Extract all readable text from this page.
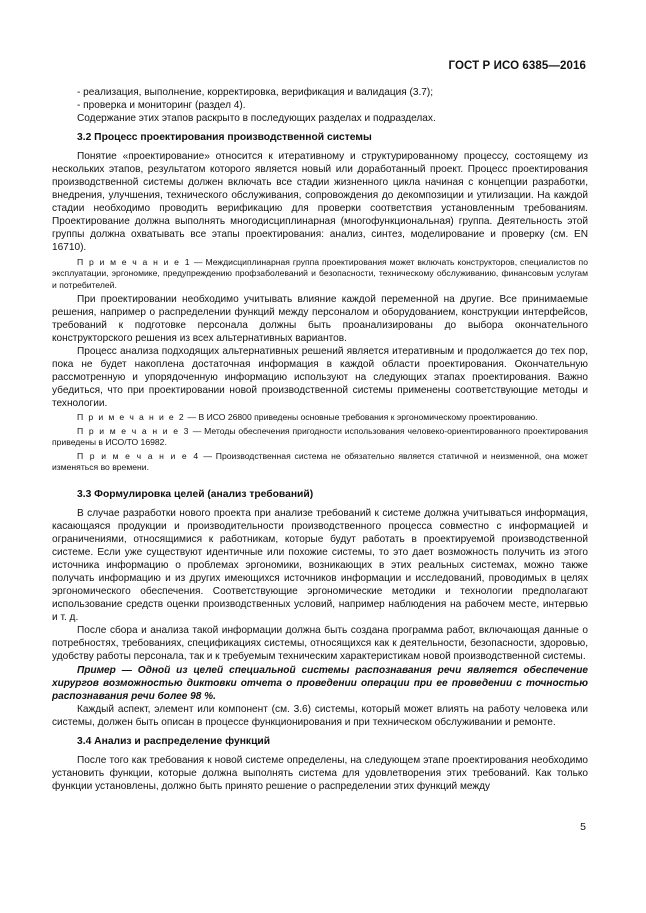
ГОСТ Р ИСО 6385—2016

- реализация, выполнение, корректировка, верификация и валидация (3.7);

- проверка и мониторинг (раздел 4).

Содержание этих этапов раскрыто в последующих разделах и подразделах.

3.2 Процесс проектирования производственной системы

Понятие «проектирование» относится к итеративному и структурированному процессу, состоящему из нескольких этапов, результатом которого является новый или доработанный проект. Процесс проектирования производственной системы должен включать все стадии жизненного цикла начиная с концепции разработки, внедрения, улучшения, технического обслуживания, сопровождения до декомпозиции и утилизации. На каждой стадии необходимо проводить верификацию для проверки соответствия установленным требованиям. Проектирование должна выполнять многодисциплинарная (многофункциональная) группа. Деятельность этой группы должна охватывать все этапы проектирования: анализ, синтез, моделирование и проверку (см. EN 16710).

П р и м е ч а н и е 1 — Междисциплинарная группа проектирования может включать конструкторов, специалистов по эксплуатации, эргономике, предупреждению профзаболеваний и безопасности, техническому обслуживанию, финансовым услугам и потребителей.

При проектировании необходимо учитывать влияние каждой переменной на другие. Все принимаемые решения, например о распределении функций между персоналом и оборудованием, конструкции интерфейсов, требований к подготовке персонала должны быть проанализированы до выбора окончательного конструкторского решения из всех альтернативных вариантов.

Процесс анализа подходящих альтернативных решений является итеративным и продолжается до тех пор, пока не будет накоплена достаточная информация в каждой области проектирования. Окончательную рассмотренную и упорядоченную информацию используют на следующих этапах проектирования. Важно убедиться, что при проектировании новой производственной системы применены соответствующие методы и технологии.

П р и м е ч а н и е 2 — В ИСО 26800 приведены основные требования к эргономическому проектированию.

П р и м е ч а н и е 3 — Методы обеспечения пригодности использования человеко-ориентированного проектирования приведены в ИСО/ТО 16982.

П р и м е ч а н и е 4 — Производственная система не обязательно является статичной и неизменной, она может изменяться во времени.

3.3 Формулировка целей (анализ требований)

В случае разработки нового проекта при анализе требований к системе должна учитываться информация, касающаяся продукции и производительности производственного процесса совместно с информацией и ограничениями, относящимися к работникам, которые будут работать в проектируемой производственной системе. Если уже существуют идентичные или похожие системы, то это дает возможность получить из этого источника информацию о проблемах эргономики, возникающих в этих реальных системах, можно также получать информацию и из других имеющихся источников информации и исследований, проводимых в целях эргономического обеспечения. Соответствующие эргономические методики и технологии предполагают использование средств оценки производственных условий, например наблюдения на рабочем месте, интервью и т. д.

После сбора и анализа такой информации должна быть создана программа работ, включающая данные о потребностях, требованиях, спецификациях системы, относящихся как к деятельности, безопасности, здоровью, удобству работы персонала, так и к требуемым техническим характеристикам новой производственной системы.

Пример — Одной из целей специальной системы распознавания речи является обеспечение хирургов возможностью диктовки отчета о проведении операции при ее проведении с точностью распознавания речи более 98 %.

Каждый аспект, элемент или компонент (см. 3.6) системы, который может влиять на работу человека или системы, должен быть описан в процессе функционирования и при техническом обслуживании и ремонте.

3.4 Анализ и распределение функций

После того как требования к новой системе определены, на следующем этапе проектирования необходимо установить функции, которые должна выполнять система для удовлетворения этих требований. Как только функции установлены, должно быть принято решение о распределении этих функций между

5
